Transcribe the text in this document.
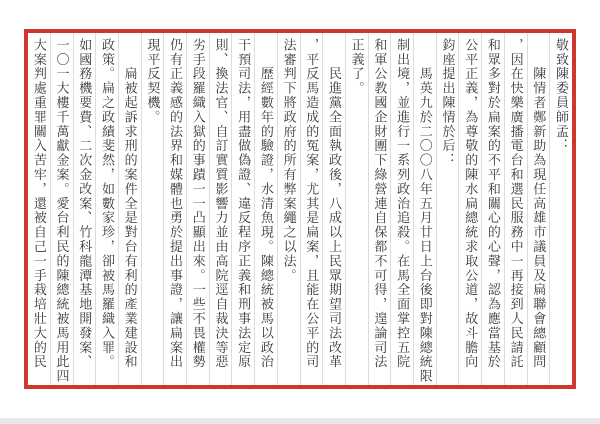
敬致陳委員師孟：
　　陳情者鄭新助為現任高雄市議員及扁聯會總顧問
，因在快樂廣播電台和選民服務中一再接到人民請託
和眾多對於扁案的不平和關心的心聲，認為應當基於
公平正義，為尊敬的陳水扁總統求取公道，故斗膽向
鈞座提出陳情於后：
　　馬英九於二〇〇八年五月廿日上台後即對陳總統限
制出境，並進行一系列政治追殺。在馬全面掌控五院
和軍公教國企財團下綠營連自保都不可得，遑論司法
正義了。
　　民進黨全面執政後，八成以上民眾期望司法改革
，平反馬造成的冤案，尤其是扁案，且能在公平的司
法審判下將政府的所有弊案繩之以法。
　　歷經數年的驗證，水清魚現。陳總統被馬以政治
干預司法，用盡做偽證、違反程序正義和刑事法定原
則、換法官、自訂實質影響力並由高院逕自裁決等惡
劣手段羅織入獄的事蹟一一凸顯出來。一些不畏權勢
仍有正義感的法界和媒體也勇於提出事證，讓扁案出
現平反契機。
　　扁被起訴求刑的案件全是對台有利的產業建設和
政策。扁之政績斐然，如數家珍，卻被馬羅織入罪。
如國務機要費、二次金改案、竹科龍潭基地開發案、
一〇一大樓千萬獻金案。愛台利民的陳總統被馬用此四
大案判處重罪關入苦牢，還被自己一手栽培壯大的民
